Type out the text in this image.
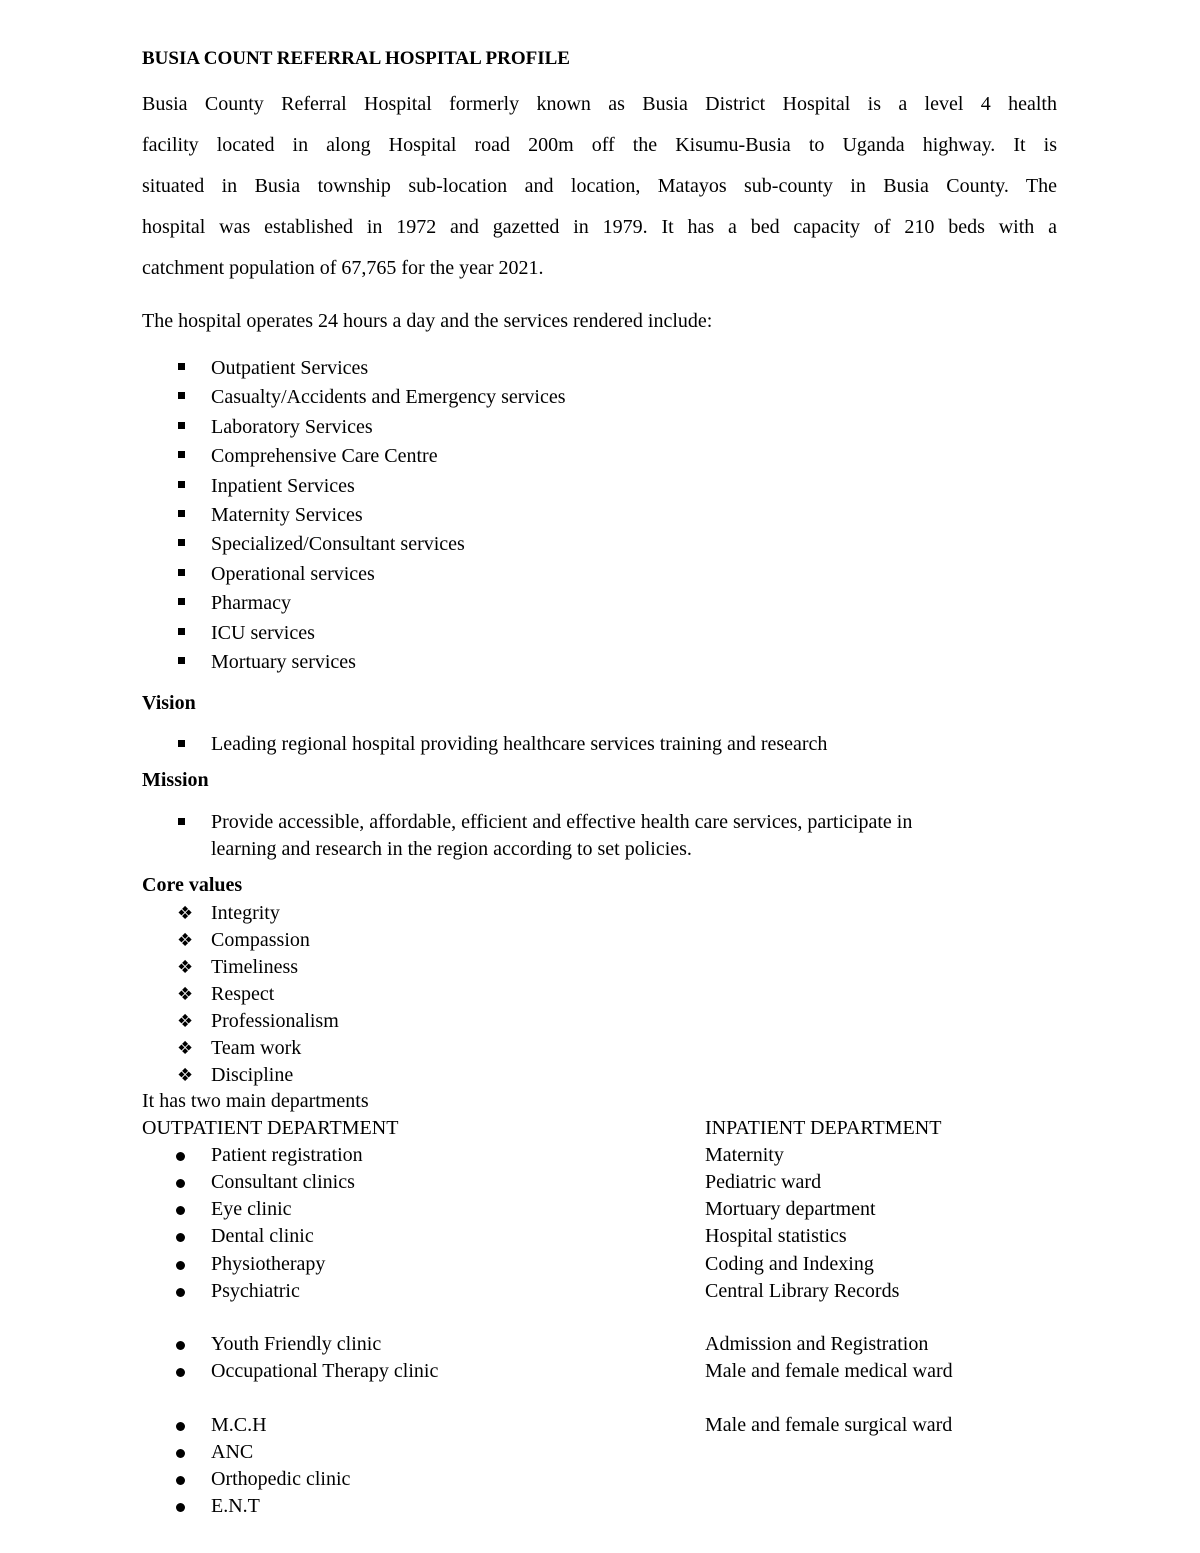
BUSIA COUNT REFERRAL HOSPITAL PROFILE
Busia County Referral Hospital formerly known as Busia District Hospital is a level 4 health
facility located in along Hospital road 200m off the Kisumu-Busia to Uganda highway. It is
situated in Busia township sub-location and location, Matayos sub-county in Busia County. The
hospital was established in 1972 and gazetted in 1979. It has a bed capacity of 210 beds with a
catchment population of 67,765 for the year 2021.
The hospital operates 24 hours a day and the services rendered include:
Outpatient Services
Casualty/Accidents and Emergency services
Laboratory Services
Comprehensive Care Centre
Inpatient Services
Maternity Services
Specialized/Consultant services
Operational services
Pharmacy
ICU services
Mortuary services
Vision
Leading regional hospital providing healthcare services training and research
Mission
Provide accessible, affordable, efficient and effective health care services, participate in
learning and research in the region according to set policies.
Core values
❖ Integrity
❖ Compassion
❖ Timeliness
❖ Respect
❖ Professionalism
❖ Team work
❖ Discipline
It has two main departments
OUTPATIENT DEPARTMENT	INPATIENT DEPARTMENT
Patient registration
Consultant clinics
Eye clinic
Dental clinic
Physiotherapy
Psychiatric
Youth Friendly clinic
Occupational Therapy clinic
M.C.H
ANC
Orthopedic clinic
E.N.T
Maternity
Pediatric ward
Mortuary department
Hospital statistics
Coding and Indexing
Central Library Records
Admission and Registration
Male and female medical ward
Male and female surgical ward
